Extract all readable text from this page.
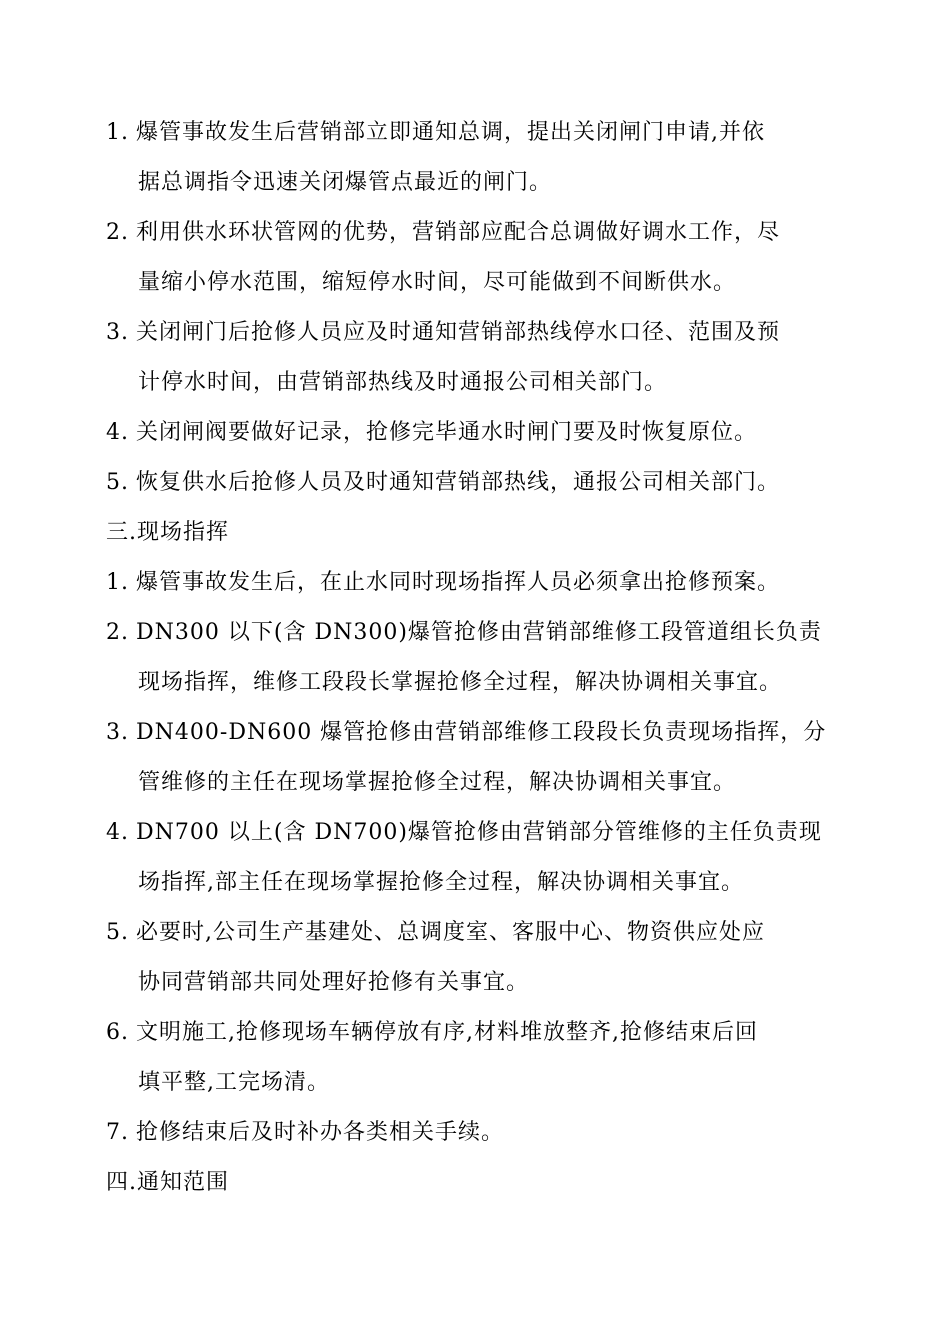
1. 爆管事故发生后营销部立即通知总调，提出关闭闸门申请,并依
据总调指令迅速关闭爆管点最近的闸门。
2. 利用供水环状管网的优势，营销部应配合总调做好调水工作，尽
量缩小停水范围，缩短停水时间，尽可能做到不间断供水。
3. 关闭闸门后抢修人员应及时通知营销部热线停水口径、范围及预
计停水时间，由营销部热线及时通报公司相关部门。
4. 关闭闸阀要做好记录，抢修完毕通水时闸门要及时恢复原位。
5. 恢复供水后抢修人员及时通知营销部热线，通报公司相关部门。
三.现场指挥
1. 爆管事故发生后，在止水同时现场指挥人员必须拿出抢修预案。
2. DN300 以下(含 DN300)爆管抢修由营销部维修工段管道组长负责
现场指挥，维修工段段长掌握抢修全过程，解决协调相关事宜。
3. DN400-DN600 爆管抢修由营销部维修工段段长负责现场指挥，分
管维修的主任在现场掌握抢修全过程，解决协调相关事宜。
4. DN700 以上(含 DN700)爆管抢修由营销部分管维修的主任负责现
场指挥,部主任在现场掌握抢修全过程，解决协调相关事宜。
5. 必要时,公司生产基建处、总调度室、客服中心、物资供应处应
协同营销部共同处理好抢修有关事宜。
6. 文明施工,抢修现场车辆停放有序,材料堆放整齐,抢修结束后回
填平整,工完场清。
7. 抢修结束后及时补办各类相关手续。
四.通知范围
